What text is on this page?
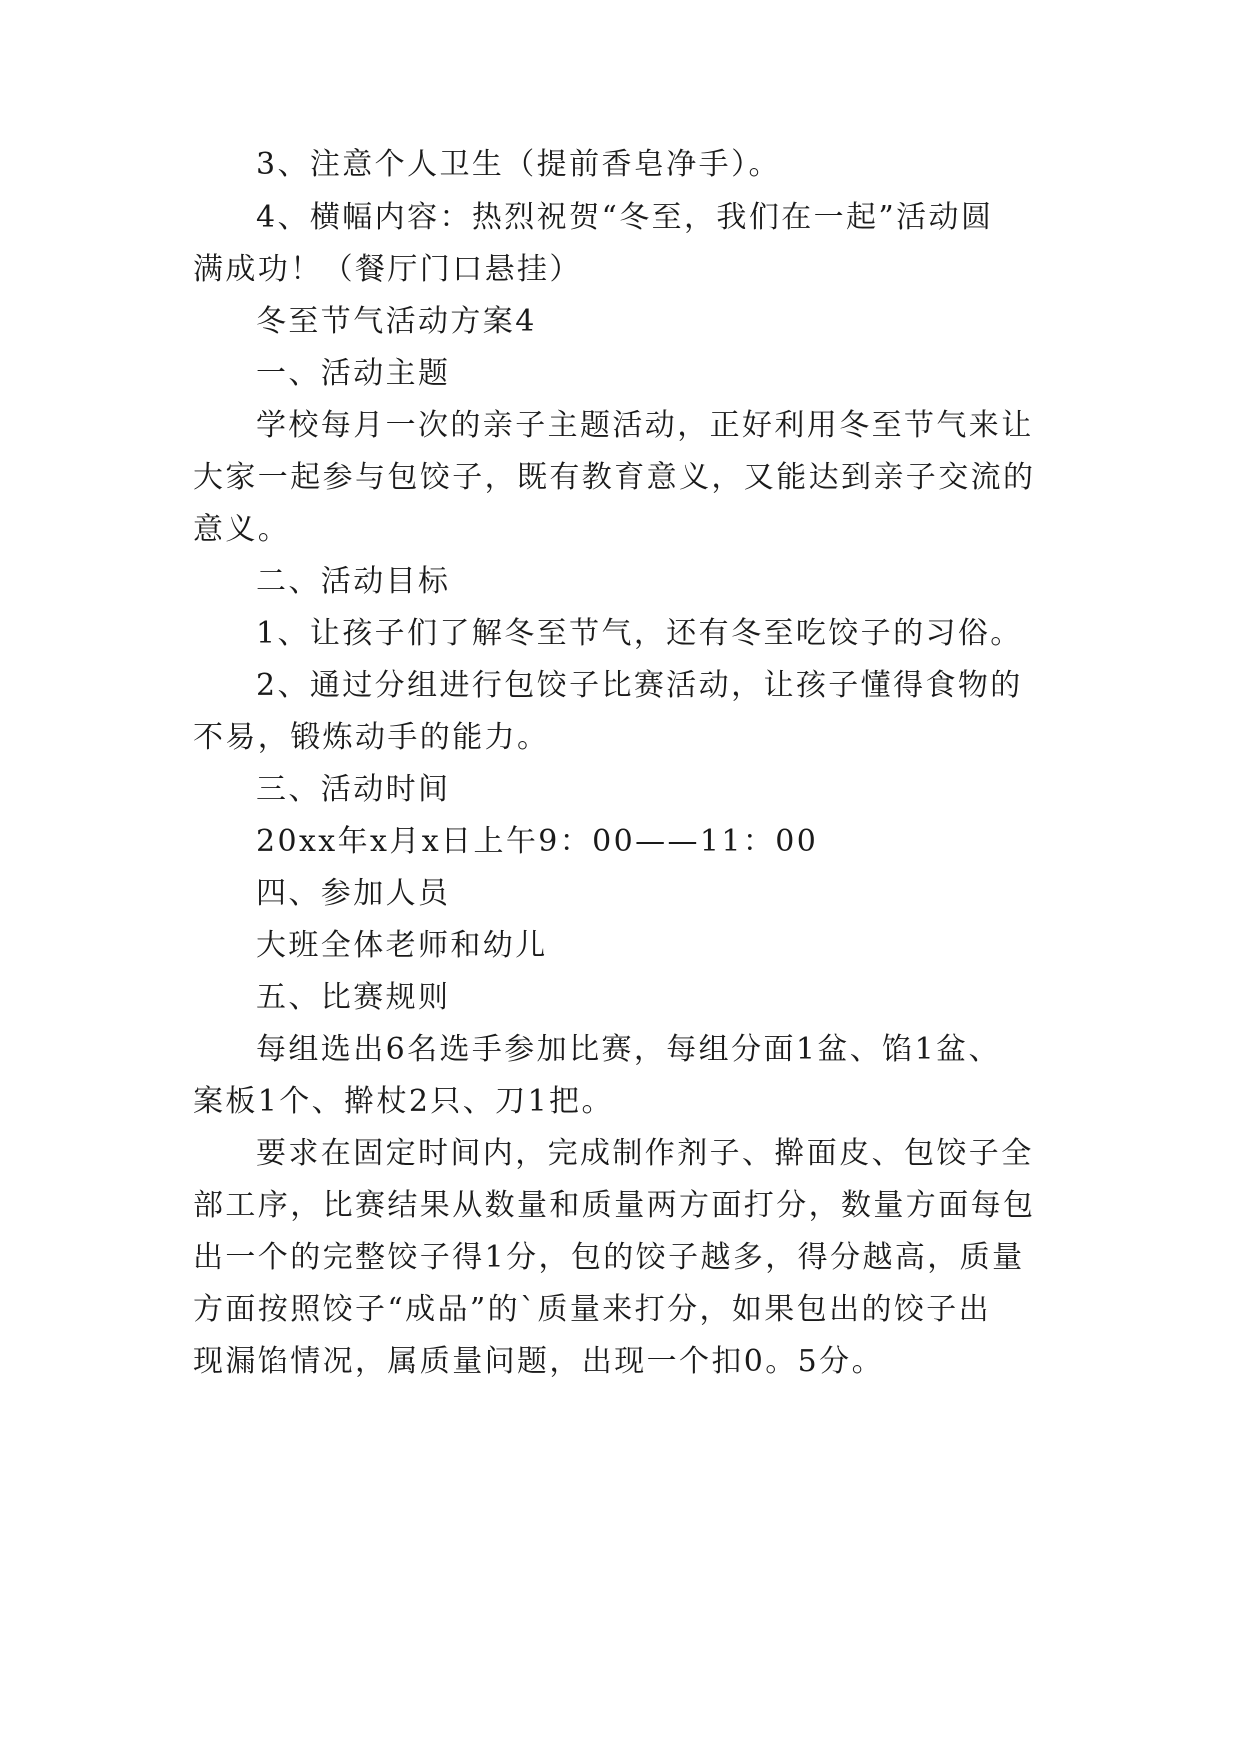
3、注意个人卫生（提前香皂净手）。
4、横幅内容：热烈祝贺“冬至，我们在一起”活动圆
满成功！（餐厅门口悬挂）
冬至节气活动方案4
一、活动主题
学校每月一次的亲子主题活动，正好利用冬至节气来让
大家一起参与包饺子，既有教育意义，又能达到亲子交流的
意义。
二、活动目标
1、让孩子们了解冬至节气，还有冬至吃饺子的习俗。
2、通过分组进行包饺子比赛活动，让孩子懂得食物的
不易，锻炼动手的能力。
三、活动时间
20xx年x月x日上午9：00——11：00
四、参加人员
大班全体老师和幼儿
五、比赛规则
每组选出6名选手参加比赛，每组分面1盆、馅1盆、
案板1个、擀杖2只、刀1把。
要求在固定时间内，完成制作剂子、擀面皮、包饺子全
部工序，比赛结果从数量和质量两方面打分，数量方面每包
出一个的完整饺子得1分，包的饺子越多，得分越高，质量
方面按照饺子“成品”的`质量来打分，如果包出的饺子出
现漏馅情况，属质量问题，出现一个扣0。5分。
